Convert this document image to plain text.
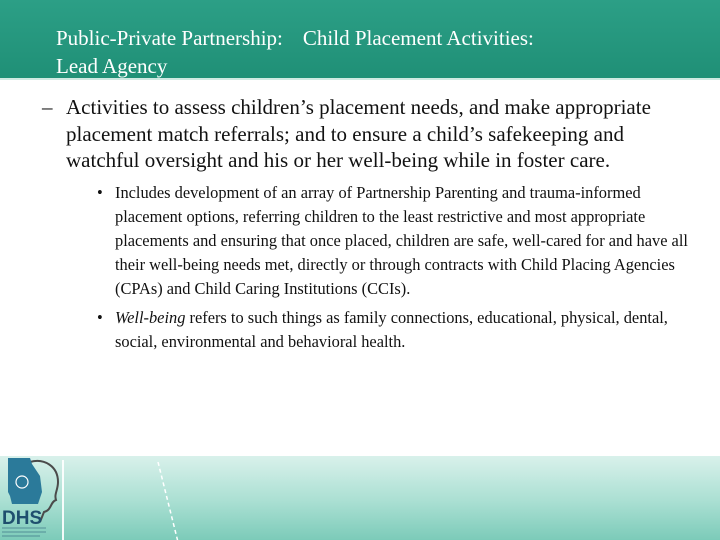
Public-Private Partnership: Child Placement Activities:
Lead Agency
– Activities to assess children’s placement needs, and make appropriate placement match referrals; and to ensure a child’s safekeeping and watchful oversight and his or her well-being while in foster care.
• Includes development of an array of Partnership Parenting and trauma-informed placement options, referring children to the least restrictive and most appropriate placements and ensuring that once placed, children are safe, well-cared for and have all their well-being needs met, directly or through contracts with Child Placing Agencies (CPAs) and Child Caring Institutions (CCIs).
• Well-being refers to such things as family connections, educational, physical, dental, social, environmental and behavioral health.
DHS
